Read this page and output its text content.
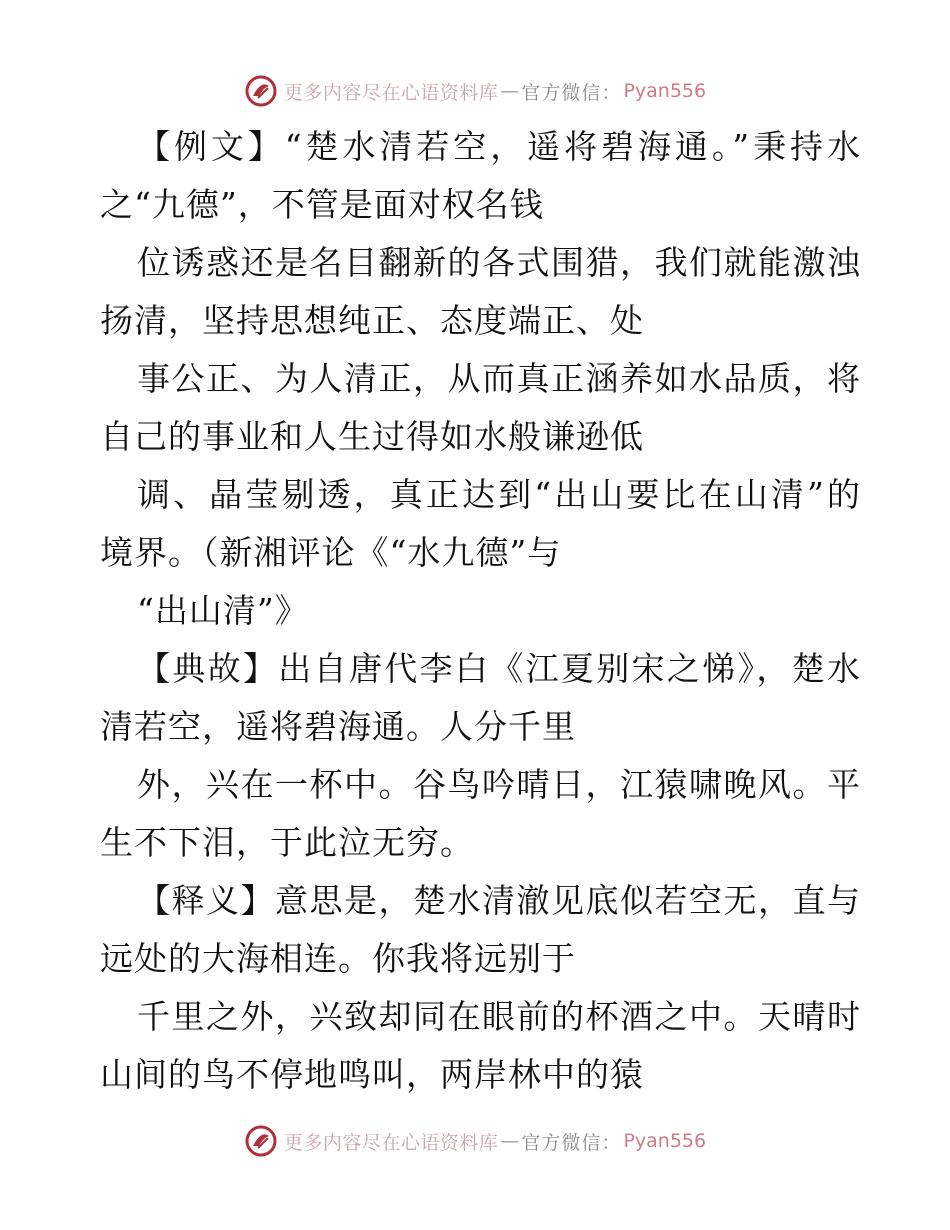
更多内容尽在心语资料库 — 官方微信： Pyan556
【例文】“楚水清若空，遥将碧海通。”秉持水
之“九德”，不管是面对权名钱
位诱惑还是名目翻新的各式围猎，我们就能激浊
扬清，坚持思想纯正、态度端正、处
事公正、为人清正，从而真正涵养如水品质，将
自己的事业和人生过得如水般谦逊低
调、晶莹剔透，真正达到“出山要比在山清”的
境界。（新湘评论《“水九德”与
“出山清”》
【典故】出自唐代李白《江夏别宋之悌》，楚水
清若空，遥将碧海通。人分千里
外，兴在一杯中。谷鸟吟晴日，江猿啸晚风。平
生不下泪，于此泣无穷。
【释义】意思是，楚水清澈见底似若空无，直与
远处的大海相连。你我将远别于
千里之外，兴致却同在眼前的杯酒之中。天晴时
山间的鸟不停地鸣叫，两岸林中的猿
更多内容尽在心语资料库 — 官方微信： Pyan556
